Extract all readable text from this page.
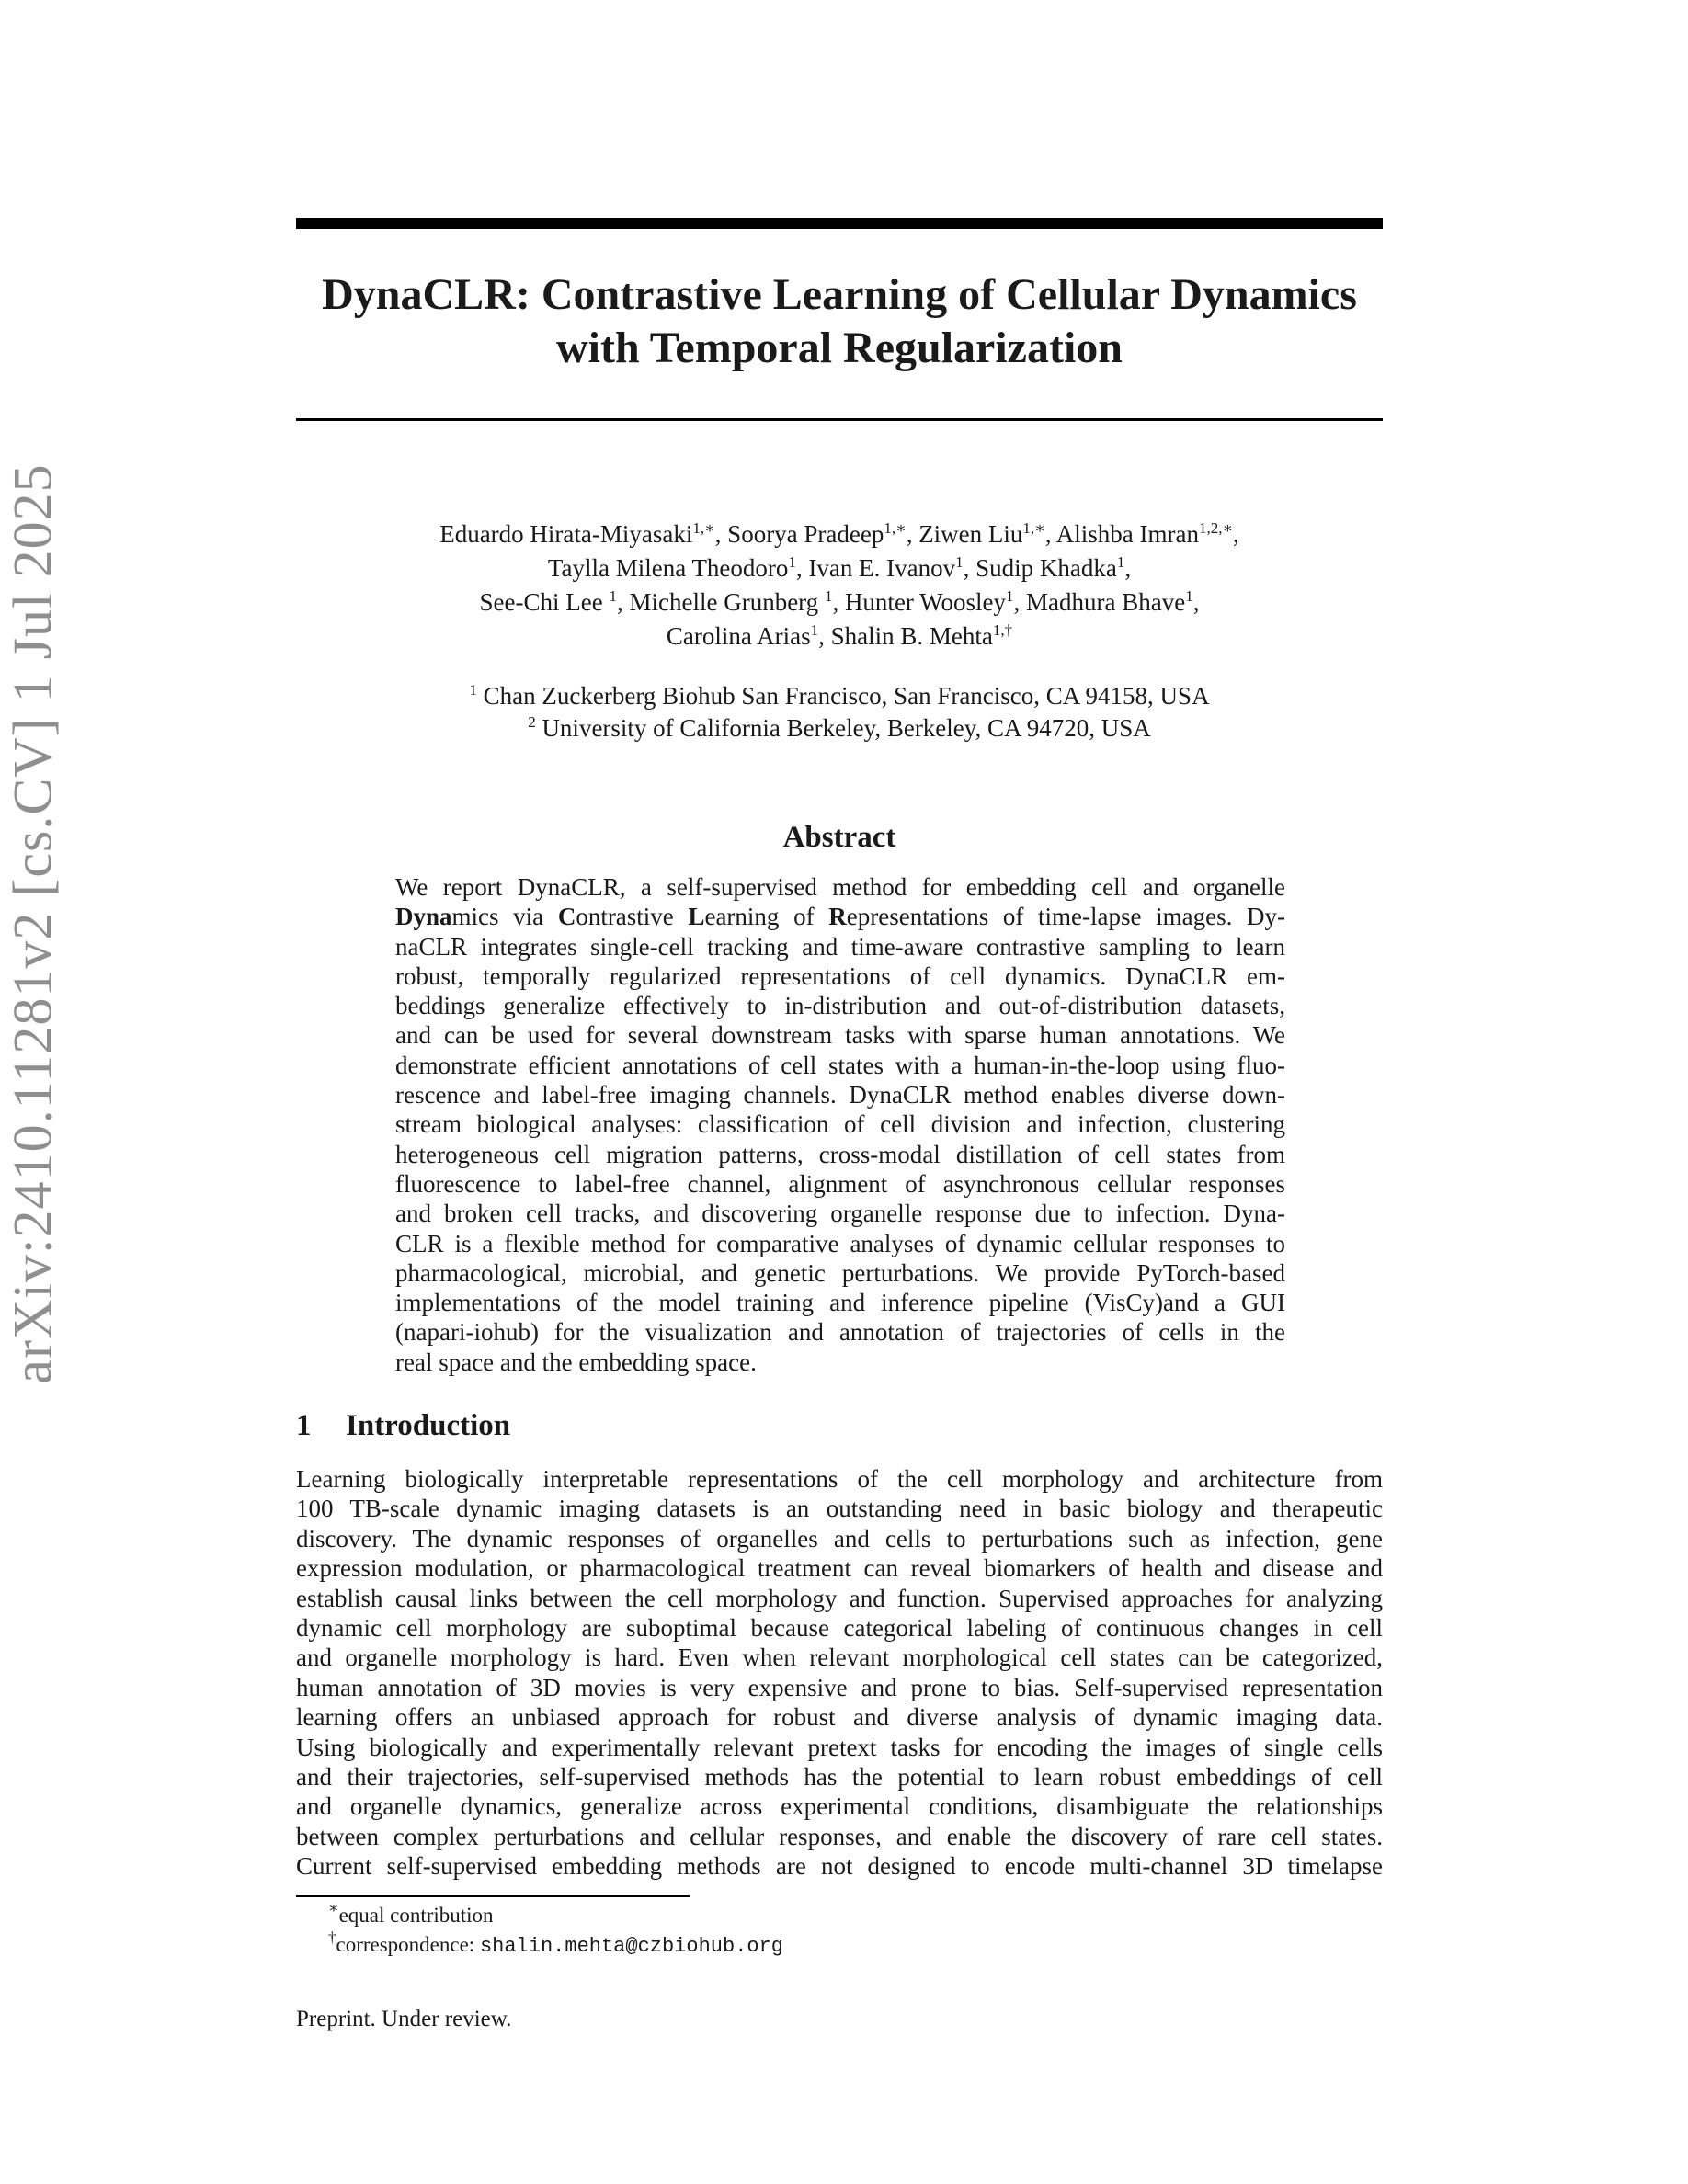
arXiv:2410.11281v2 [cs.CV] 1 Jul 2025
DynaCLR: Contrastive Learning of Cellular Dynamics
with Temporal Regularization
Eduardo Hirata-Miyasaki$^{1,∗}$, Soorya Pradeep$^{1,∗}$, Ziwen Liu$^{1,∗}$, Alishba Imran$^{1,2,∗}$,
Taylla Milena Theodoro$^1$, Ivan E. Ivanov$^1$, Sudip Khadka$^1$,
See-Chi Lee $^1$, Michelle Grunberg $^1$, Hunter Woosley$^1$, Madhura Bhave$^1$,
Carolina Arias$^1$, Shalin B. Mehta$^{1,\dagger}$
$^1$ Chan Zuckerberg Biohub San Francisco, San Francisco, CA 94158, USA
$^2$ University of California Berkeley, Berkeley, CA 94720, USA
Abstract
We report DynaCLR, a self-supervised method for embedding cell and organelle
Dynamics via Contrastive Learning of Representations of time-lapse images. Dy-
naCLR integrates single-cell tracking and time-aware contrastive sampling to learn
robust, temporally regularized representations of cell dynamics. DynaCLR em-
beddings generalize effectively to in-distribution and out-of-distribution datasets,
and can be used for several downstream tasks with sparse human annotations. We
demonstrate efficient annotations of cell states with a human-in-the-loop using fluo-
rescence and label-free imaging channels. DynaCLR method enables diverse down-
stream biological analyses: classification of cell division and infection, clustering
heterogeneous cell migration patterns, cross-modal distillation of cell states from
fluorescence to label-free channel, alignment of asynchronous cellular responses
and broken cell tracks, and discovering organelle response due to infection. Dyna-
CLR is a flexible method for comparative analyses of dynamic cellular responses to
pharmacological, microbial, and genetic perturbations. We provide PyTorch-based
implementations of the model training and inference pipeline (VisCy)and a GUI
(napari-iohub) for the visualization and annotation of trajectories of cells in the
real space and the embedding space.
1 Introduction
Learning biologically interpretable representations of the cell morphology and architecture from
100 TB-scale dynamic imaging datasets is an outstanding need in basic biology and therapeutic
discovery. The dynamic responses of organelles and cells to perturbations such as infection, gene
expression modulation, or pharmacological treatment can reveal biomarkers of health and disease and
establish causal links between the cell morphology and function. Supervised approaches for analyzing
dynamic cell morphology are suboptimal because categorical labeling of continuous changes in cell
and organelle morphology is hard. Even when relevant morphological cell states can be categorized,
human annotation of 3D movies is very expensive and prone to bias. Self-supervised representation
learning offers an unbiased approach for robust and diverse analysis of dynamic imaging data.
Using biologically and experimentally relevant pretext tasks for encoding the images of single cells
and their trajectories, self-supervised methods has the potential to learn robust embeddings of cell
and organelle dynamics, generalize across experimental conditions, disambiguate the relationships
between complex perturbations and cellular responses, and enable the discovery of rare cell states.
Current self-supervised embedding methods are not designed to encode multi-channel 3D timelapse
∗equal contribution
†correspondence: shalin.mehta@czbiohub.org
Preprint. Under review.
